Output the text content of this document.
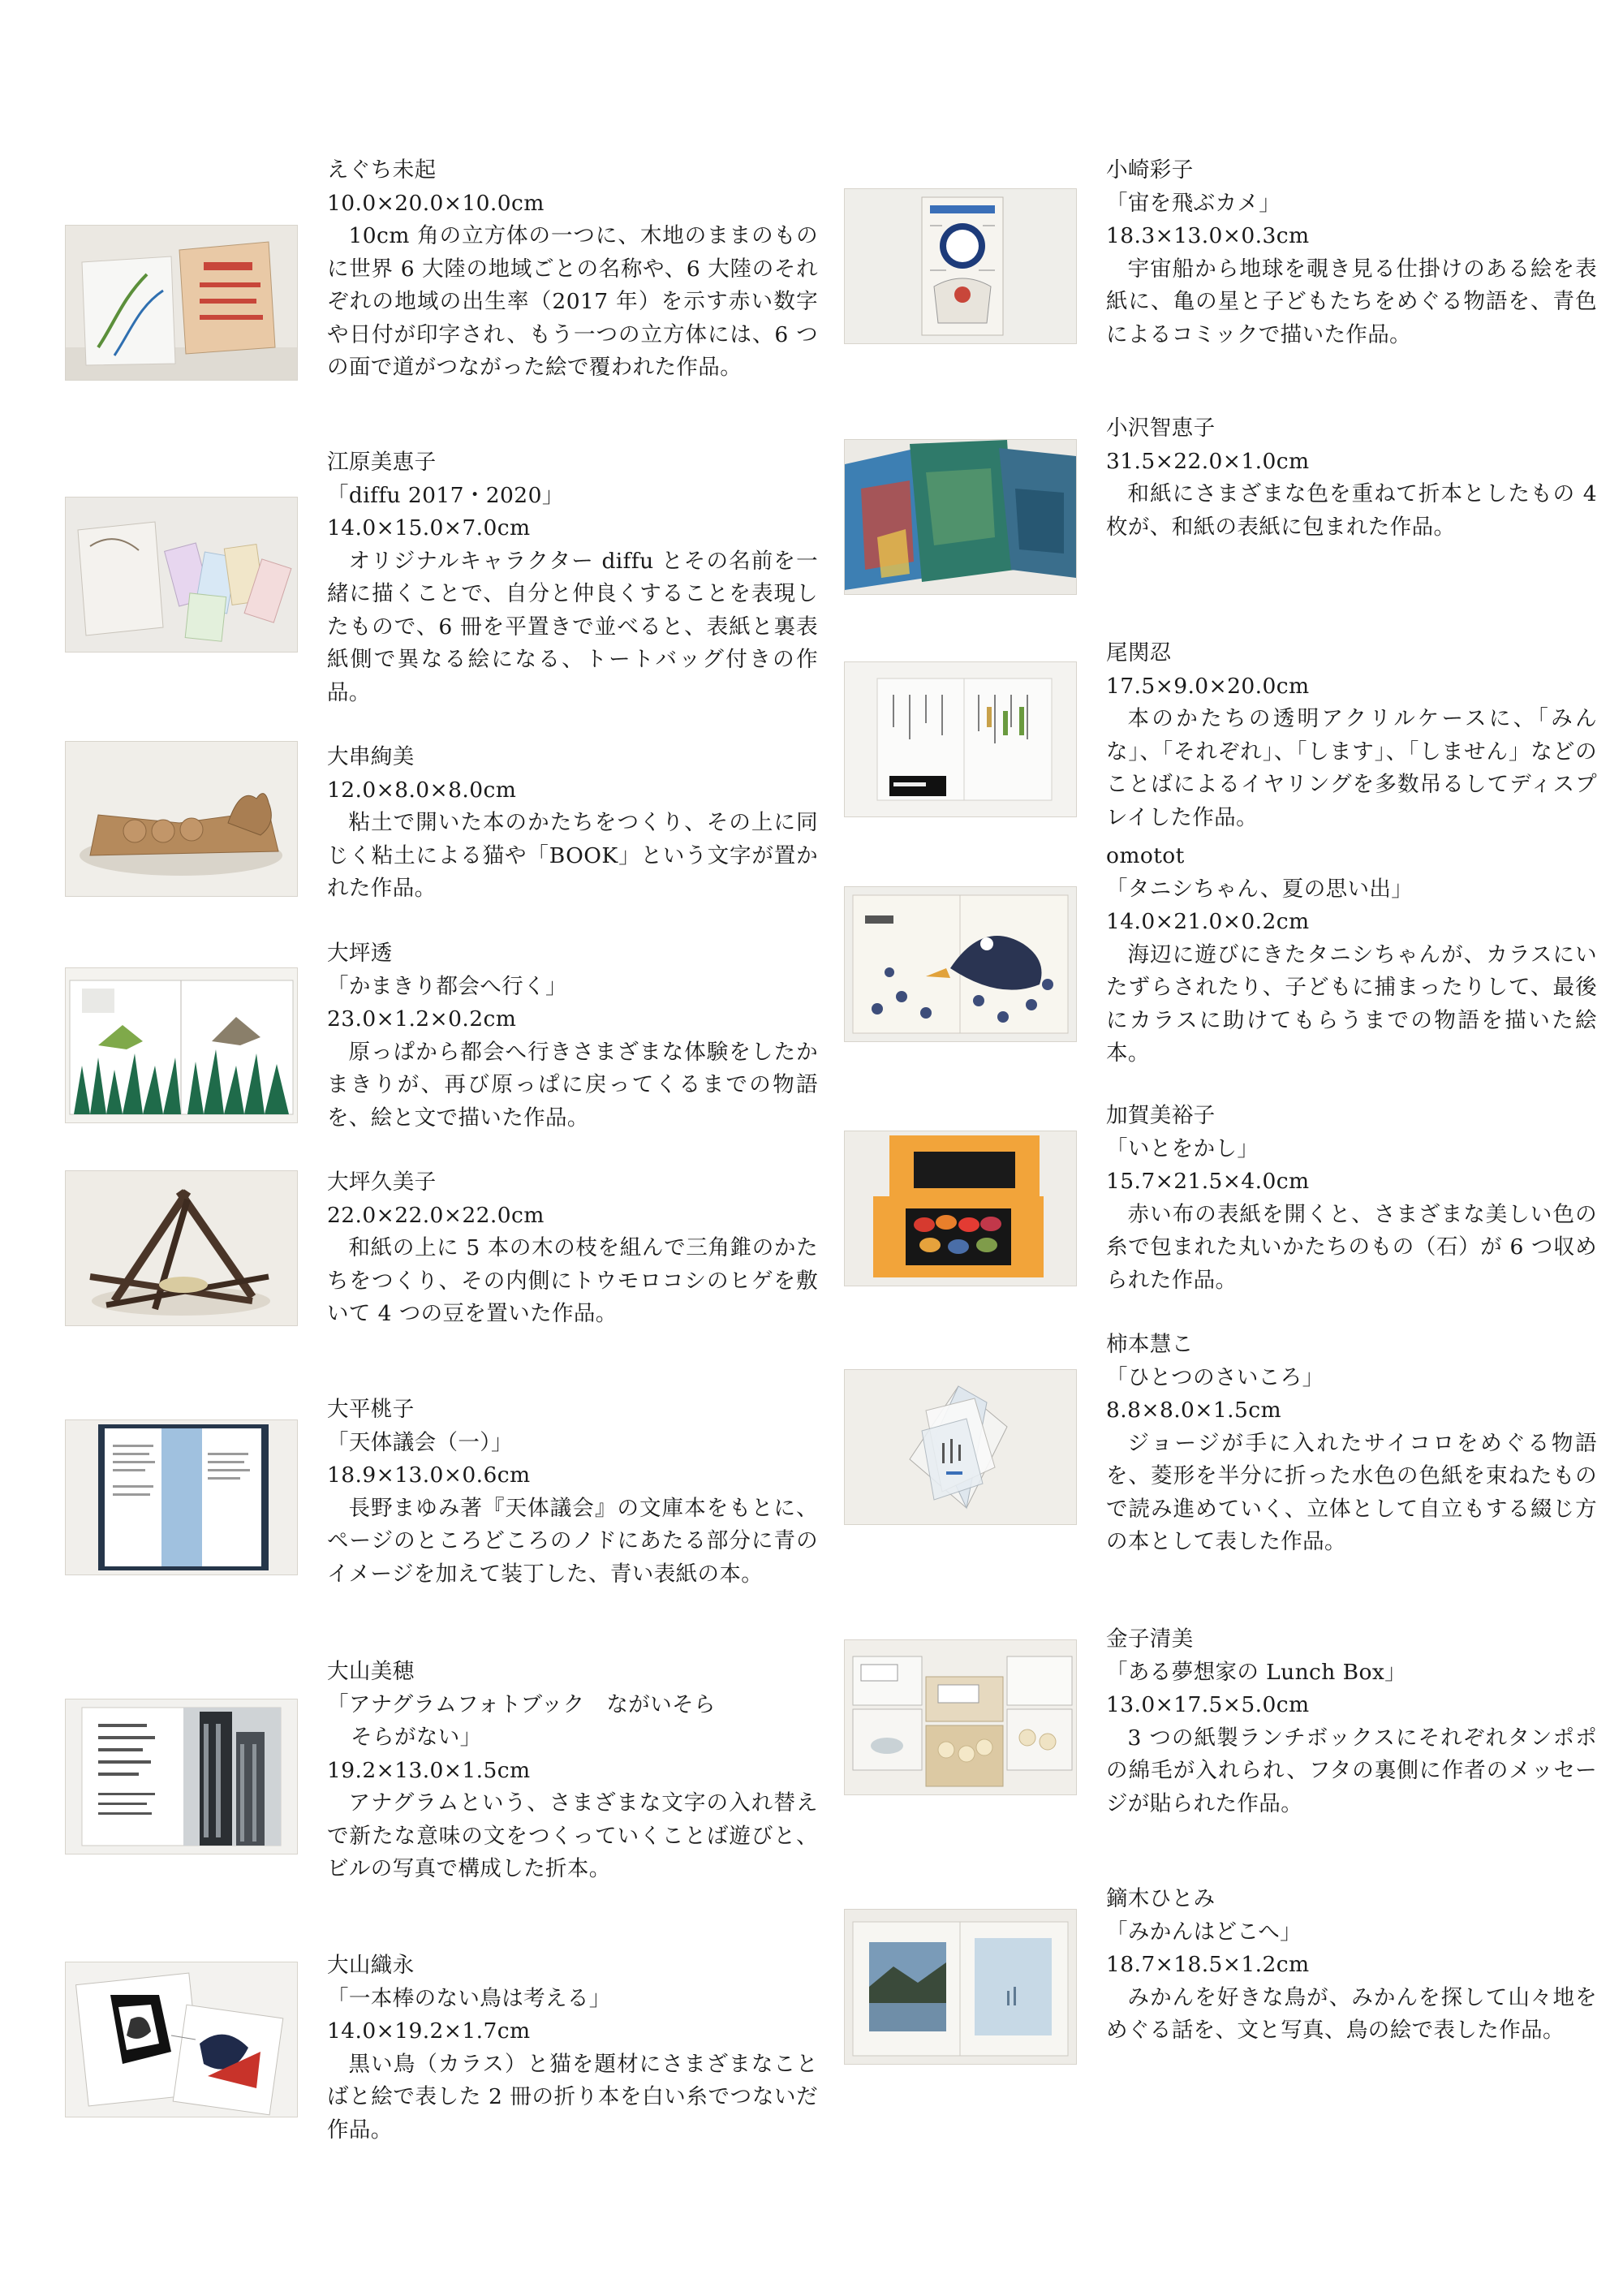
えぐち未起
10.0×20.0×10.0cm
10cm 角の立方体の一つに、木地のままのものに世界 6 大陸の地域ごとの名称や、6 大陸のそれぞれの地域の出生率（2017 年）を示す赤い数字や日付が印字され、もう一つの立方体には、6 つの面で道がつながった絵で覆われた作品。
江原美恵子
「diffu 2017・2020」
14.0×15.0×7.0cm
オリジナルキャラクター diffu とその名前を一緒に描くことで、自分と仲良くすることを表現したもので、6 冊を平置きで並べると、表紙と裏表紙側で異なる絵になる、トートバッグ付きの作品。
大串絢美
12.0×8.0×8.0cm
粘土で開いた本のかたちをつくり、その上に同じく粘土による猫や「BOOK」という文字が置かれた作品。
大坪透
「かまきり都会へ行く」
23.0×1.2×0.2cm
原っぱから都会へ行きさまざまな体験をしたかまきりが、再び原っぱに戻ってくるまでの物語を、絵と文で描いた作品。
大坪久美子
22.0×22.0×22.0cm
和紙の上に 5 本の木の枝を組んで三角錐のかたちをつくり、その内側にトウモロコシのヒゲを敷いて 4 つの豆を置いた作品。
大平桃子
「天体議会（一）」
18.9×13.0×0.6cm
長野まゆみ著『天体議会』の文庫本をもとに、ページのところどころのノドにあたる部分に青のイメージを加えて装丁した、青い表紙の本。
大山美穂
「アナグラムフォトブック　ながいそら
そらがない」
19.2×13.0×1.5cm
アナグラムという、さまざまな文字の入れ替えで新たな意味の文をつくっていくことば遊びと、ビルの写真で構成した折本。
大山織永
「一本棒のない鳥は考える」
14.0×19.2×1.7cm
黒い鳥（カラス）と猫を題材にさまざまなことばと絵で表した 2 冊の折り本を白い糸でつないだ作品。
小崎彩子
「宙を飛ぶカメ」
18.3×13.0×0.3cm
宇宙船から地球を覗き見る仕掛けのある絵を表紙に、亀の星と子どもたちをめぐる物語を、青色によるコミックで描いた作品。
小沢智恵子
31.5×22.0×1.0cm
和紙にさまざまな色を重ねて折本としたもの 4 枚が、和紙の表紙に包まれた作品。
尾関忍
17.5×9.0×20.0cm
本のかたちの透明アクリルケースに、「みんな」、「それぞれ」、「します」、「しません」などのことばによるイヤリングを多数吊るしてディスプレイした作品。
omotot
「タニシちゃん、夏の思い出」
14.0×21.0×0.2cm
海辺に遊びにきたタニシちゃんが、カラスにいたずらされたり、子どもに捕まったりして、最後にカラスに助けてもらうまでの物語を描いた絵本。
加賀美裕子
「いとをかし」
15.7×21.5×4.0cm
赤い布の表紙を開くと、さまざまな美しい色の糸で包まれた丸いかたちのもの（石）が 6 つ収められた作品。
柿本慧こ
「ひとつのさいころ」
8.8×8.0×1.5cm
ジョージが手に入れたサイコロをめぐる物語を、菱形を半分に折った水色の色紙を束ねたもので読み進めていく、立体として自立もする綴じ方の本として表した作品。
金子清美
「ある夢想家の Lunch Box」
13.0×17.5×5.0cm
3 つの紙製ランチボックスにそれぞれタンポポの綿毛が入れられ、フタの裏側に作者のメッセージが貼られた作品。
鏑木ひとみ
「みかんはどこへ」
18.7×18.5×1.2cm
みかんを好きな鳥が、みかんを探して山々地をめぐる話を、文と写真、鳥の絵で表した作品。
